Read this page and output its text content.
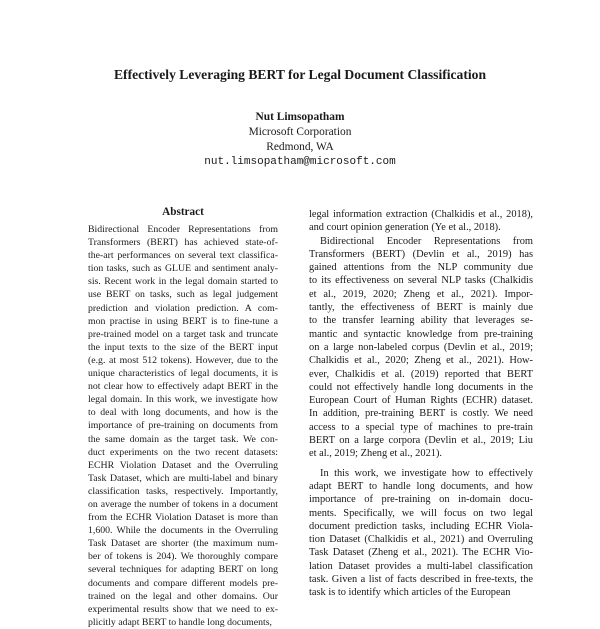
Effectively Leveraging BERT for Legal Document Classification
Nut Limsopatham
Microsoft Corporation
Redmond, WA
nut.limsopatham@microsoft.com
Abstract
Bidirectional Encoder Representations from
Transformers (BERT) has achieved state-of-
the-art performances on several text classifica-
tion tasks, such as GLUE and sentiment analy-
sis. Recent work in the legal domain started to
use BERT on tasks, such as legal judgement
prediction and violation prediction. A com-
mon practise in using BERT is to fine-tune a
pre-trained model on a target task and truncate
the input texts to the size of the BERT input
(e.g. at most 512 tokens). However, due to the
unique characteristics of legal documents, it is
not clear how to effectively adapt BERT in the
legal domain. In this work, we investigate how
to deal with long documents, and how is the
importance of pre-training on documents from
the same domain as the target task. We con-
duct experiments on the two recent datasets:
ECHR Violation Dataset and the Overruling
Task Dataset, which are multi-label and binary
classification tasks, respectively. Importantly,
on average the number of tokens in a document
from the ECHR Violation Dataset is more than
1,600. While the documents in the Overruling
Task Dataset are shorter (the maximum num-
ber of tokens is 204). We thoroughly compare
several techniques for adapting BERT on long
documents and compare different models pre-
trained on the legal and other domains. Our
experimental results show that we need to ex-
plicitly adapt BERT to handle long documents,
legal information extraction (Chalkidis et al., 2018),
and court opinion generation (Ye et al., 2018).
Bidirectional Encoder Representations from
Transformers (BERT) (Devlin et al., 2019) has
gained attentions from the NLP community due
to its effectiveness on several NLP tasks (Chalkidis
et al., 2019, 2020; Zheng et al., 2021). Impor-
tantly, the effectiveness of BERT is mainly due
to the transfer learning ability that leverages se-
mantic and syntactic knowledge from pre-training
on a large non-labeled corpus (Devlin et al., 2019;
Chalkidis et al., 2020; Zheng et al., 2021). How-
ever, Chalkidis et al. (2019) reported that BERT
could not effectively handle long documents in the
European Court of Human Rights (ECHR) dataset.
In addition, pre-training BERT is costly. We need
access to a special type of machines to pre-train
BERT on a large corpora (Devlin et al., 2019; Liu
et al., 2019; Zheng et al., 2021).
In this work, we investigate how to effectively
adapt BERT to handle long documents, and how
importance of pre-training on in-domain docu-
ments. Specifically, we will focus on two legal
document prediction tasks, including ECHR Viola-
tion Dataset (Chalkidis et al., 2021) and Overruling
Task Dataset (Zheng et al., 2021). The ECHR Vio-
lation Dataset provides a multi-label classification
task. Given a list of facts described in free-texts, the
task is to identify which articles of the European
